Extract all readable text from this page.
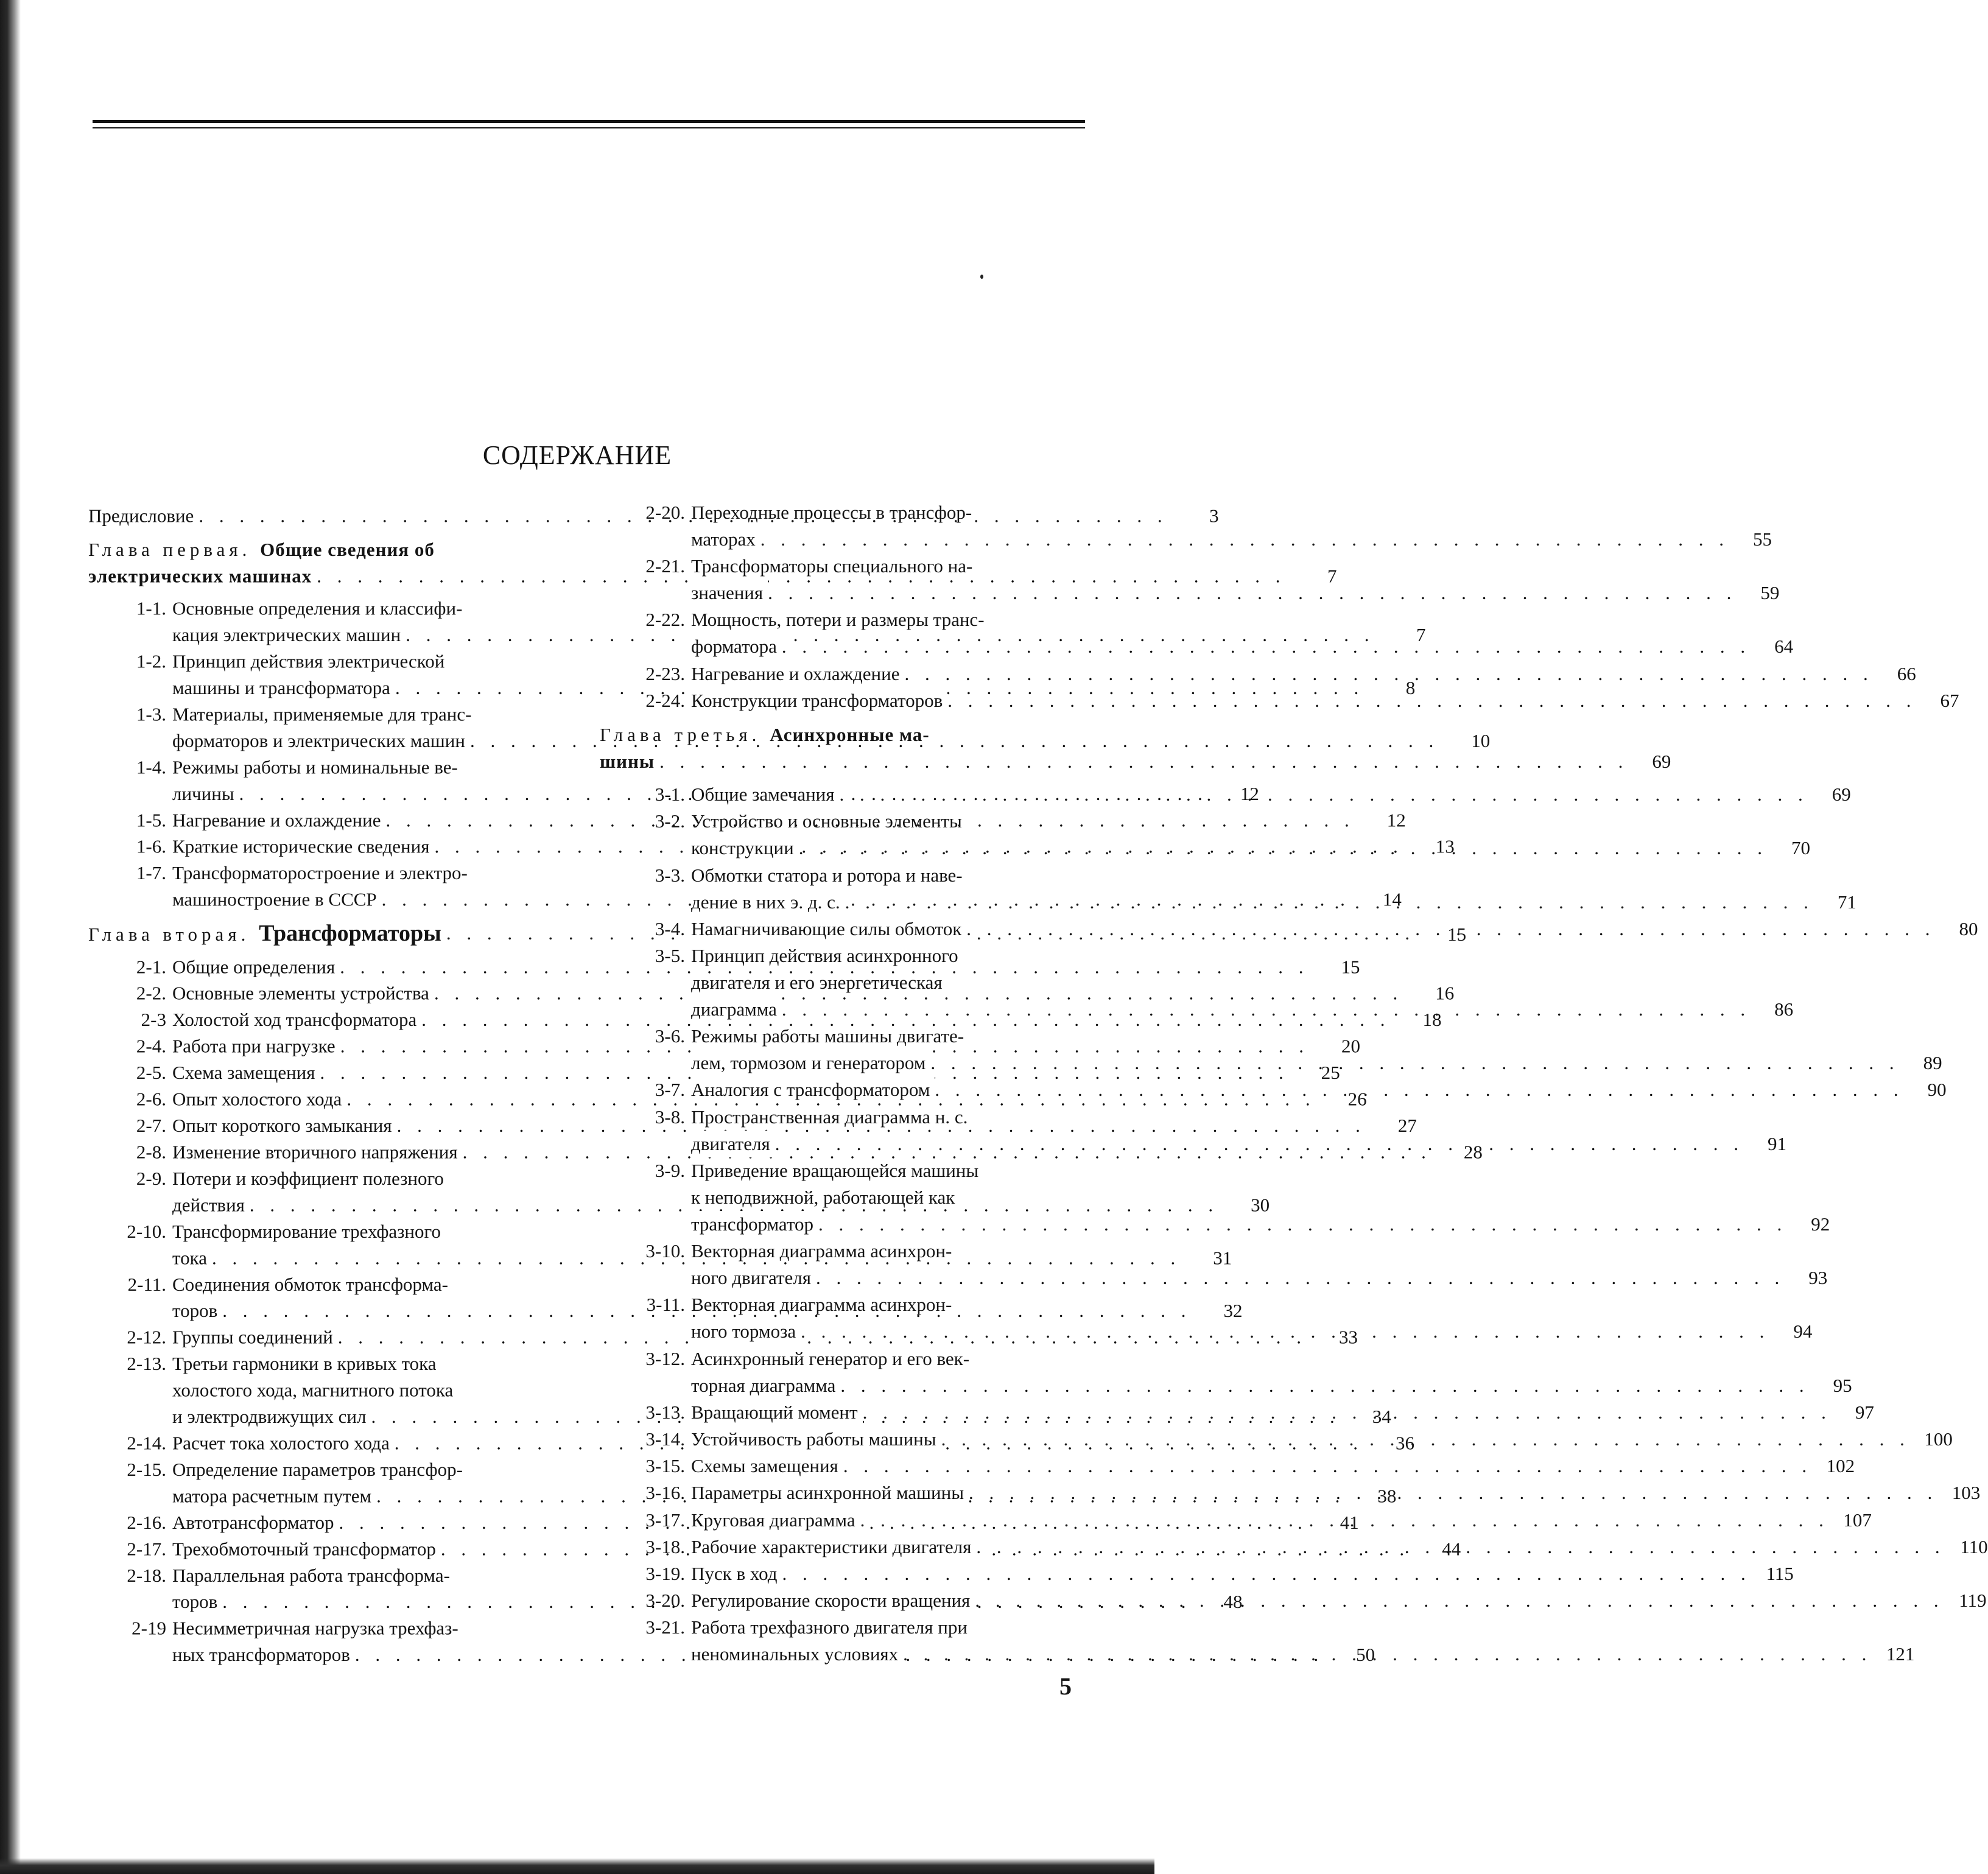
СОДЕРЖАНИЕ
Предисловие . . .	3
Глава первая. Общие сведения об
электрических машинах . . .	7
1-1. Основные определения и классифи-
кация электрических машин . . .	7
1-2. Принцип действия электрической
машины и трансформатора . . .	8
1-3. Материалы, применяемые для транс-
форматоров и электрических машин . . .	10
1-4. Режимы работы и номинальные ве-
личины . . .	12
1-5. Нагревание и охлаждение . . .	12
1-6. Краткие исторические сведения . . .	13
1-7. Трансформаторостроение и электро-
машиностроение в СССР . . .	14
Глава вторая. Трансформаторы . . .	15
2-1. Общие определения . . .	15
2-2. Основные элементы устройства . . .	16
2-3 Холостой ход трансформатора . . .	18
2-4. Работа при нагрузке . . .	20
2-5. Схема замещения . . .	25
2-6. Опыт холостого хода . . .	26
2-7. Опыт короткого замыкания . . .	27
2-8. Изменение вторичного напряжения . . .	28
2-9. Потери и коэффициент полезного
действия . . .	30
2-10. Трансформирование трехфазного
тока . . .	31
2-11. Соединения обмоток трансформа-
торов . . .	32
2-12. Группы соединений . . .	33
2-13. Третьи гармоники в кривых тока
холостого хода, магнитного потока
и электродвижущих сил . . .	34
2-14. Расчет тока холостого хода . . .	36
2-15. Определение параметров трансфор-
матора расчетным путем . . .	38
2-16. Автотрансформатор . . .	41
2-17. Трехобмоточный трансформатор . . .	44
2-18. Параллельная работа трансформа-
торов . . .	48
2-19 Несимметричная нагрузка трехфаз-
ных трансформаторов . . .	50
2-20. Переходные процессы в трансфор-
маторах . . .	55
2-21. Трансформаторы специального на-
значения . . .	59
2-22. Мощность, потери и размеры транс-
форматора . . .	64
2-23. Нагревание и охлаждение . . .	66
2-24. Конструкции трансформаторов . . .	67
Глава третья. Асинхронные ма-
шины . . .	69
3-1. Общие замечания . . .	69
3-2. Устройство и основные элементы
конструкции . . .	70
3-3. Обмотки статора и ротора и наве-
дение в них э. д. с. . . .	71
3-4. Намагничивающие силы обмоток . . .	80
3-5. Принцип действия асинхронного
двигателя и его энергетическая
диаграмма . . .	86
3-6. Режимы работы машины двигате-
лем, тормозом и генератором . . .	89
3-7. Аналогия с трансформатором . . .	90
3-8. Пространственная диаграмма н. с.
двигателя . . .	91
3-9. Приведение вращающейся машины
к неподвижной, работающей как
трансформатор . . .	92
3-10. Векторная диаграмма асинхрон-
ного двигателя . . .	93
3-11. Векторная диаграмма асинхрон-
ного тормоза . . .	94
3-12. Асинхронный генератор и его век-
торная диаграмма . . .	95
3-13. Вращающий момент . . .	97
3-14. Устойчивость работы машины . . .	100
3-15. Схемы замещения . . .	102
3-16. Параметры асинхронной машины . . .	103
3-17. Круговая диаграмма . . .	107
3-18. Рабочие характеристики двигателя . . .	110
3-19. Пуск в ход . . .	115
3-20. Регулирование скорости вращения . . .	119
3-21. Работа трехфазного двигателя при
неноминальных условиях . . .	121
5
